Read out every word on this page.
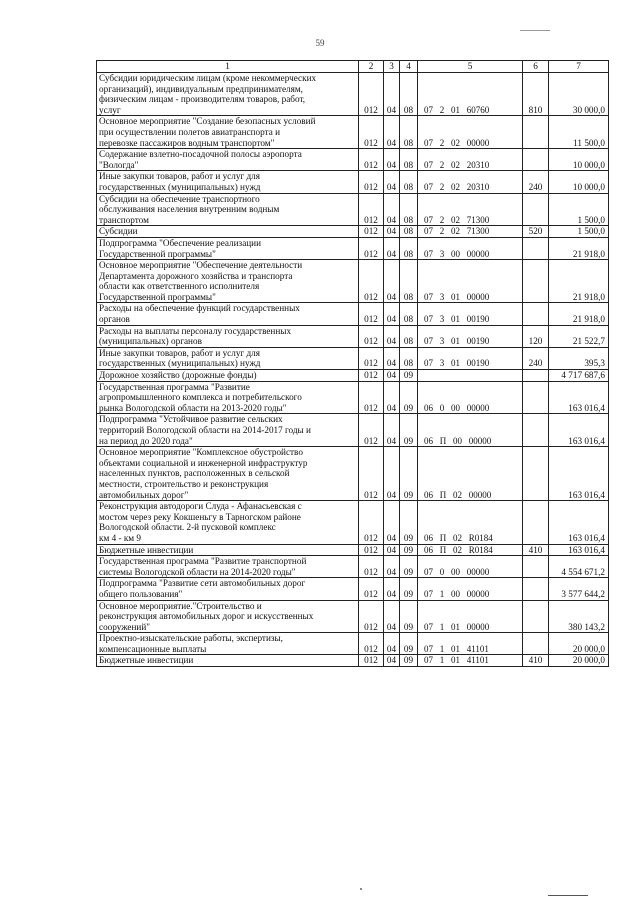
59
1	2	3	4	5	6	7
Субсидии юридическим лицам (кроме некоммерческих
организаций), индивидуальным предпринимателям,
физическим лицам - производителям товаров, работ,
услуг	012	04	08	07   2   01   60760	810	30 000,0
Основное мероприятие "Создание безопасных условий
при осуществлении полетов авиатранспорта и
перевозке пассажиров водным транспортом"	012	04	08	07   2   02   00000		11 500,0
Содержание взлетно-посадочной полосы аэропорта
"Вологда"	012	04	08	07   2   02   20310		10 000,0
Иные закупки товаров, работ и услуг для
государственных (муниципальных) нужд	012	04	08	07   2   02   20310	240	10 000,0
Субсидии на обеспечение транспортного
обслуживания населения внутренним водным
транспортом	012	04	08	07   2   02   71300		1 500,0
Субсидии	012	04	08	07   2   02   71300	520	1 500,0
Подпрограмма "Обеспечение реализации
Государственной программы"	012	04	08	07   3   00   00000		21 918,0
Основное мероприятие "Обеспечение деятельности
Департамента дорожного хозяйства и транспорта
области как ответственного исполнителя
Государственной программы"	012	04	08	07   3   01   00000		21 918,0
Расходы на обеспечение функций государственных
органов	012	04	08	07   3   01   00190		21 918,0
Расходы на выплаты персоналу государственных
(муниципальных) органов	012	04	08	07   3   01   00190	120	21 522,7
Иные закупки товаров, работ и услуг для
государственных (муниципальных) нужд	012	04	08	07   3   01   00190	240	395,3
Дорожное хозяйство (дорожные фонды)	012	04	09			4 717 687,6
Государственная программа "Развитие
агропромышленного комплекса и потребительского
рынка Вологодской области на 2013-2020 годы"	012	04	09	06   0   00   00000		163 016,4
Подпрограмма "Устойчивое развитие сельских
территорий Вологодской области на 2014-2017 годы и
на период до 2020 года"	012	04	09	06   П   00   00000		163 016,4
Основное мероприятие "Комплексное обустройство
объектами социальной и инженерной инфраструктур
населенных пунктов, расположенных в сельской
местности, строительство и реконструкция
автомобильных дорог"	012	04	09	06   П   02   00000		163 016,4
Реконструкция автодороги Слуда - Афанасьевская с
мостом через реку Кокшеньгу в Тарногском районе
Вологодской области. 2-й пусковой комплекс
км 4 - км 9	012	04	09	06   П   02   R0184		163 016,4
Бюджетные инвестиции	012	04	09	06   П   02   R0184	410	163 016,4
Государственная программа "Развитие транспортной
системы Вологодской области на 2014-2020 годы"	012	04	09	07   0   00   00000		4 554 671,2
Подпрограмма "Развитие сети автомобильных дорог
общего пользования"	012	04	09	07   1   00   00000		3 577 644,2
Основное мероприятие."Строительство и
реконструкция автомобильных дорог и искусственных
сооружений"	012	04	09	07   1   01   00000		380 143,2
Проектно-изыскательские работы, экспертизы,
компенсационные выплаты	012	04	09	07   1   01   41101		20 000,0
Бюджетные инвестиции	012	04	09	07   1   01   41101	410	20 000,0
